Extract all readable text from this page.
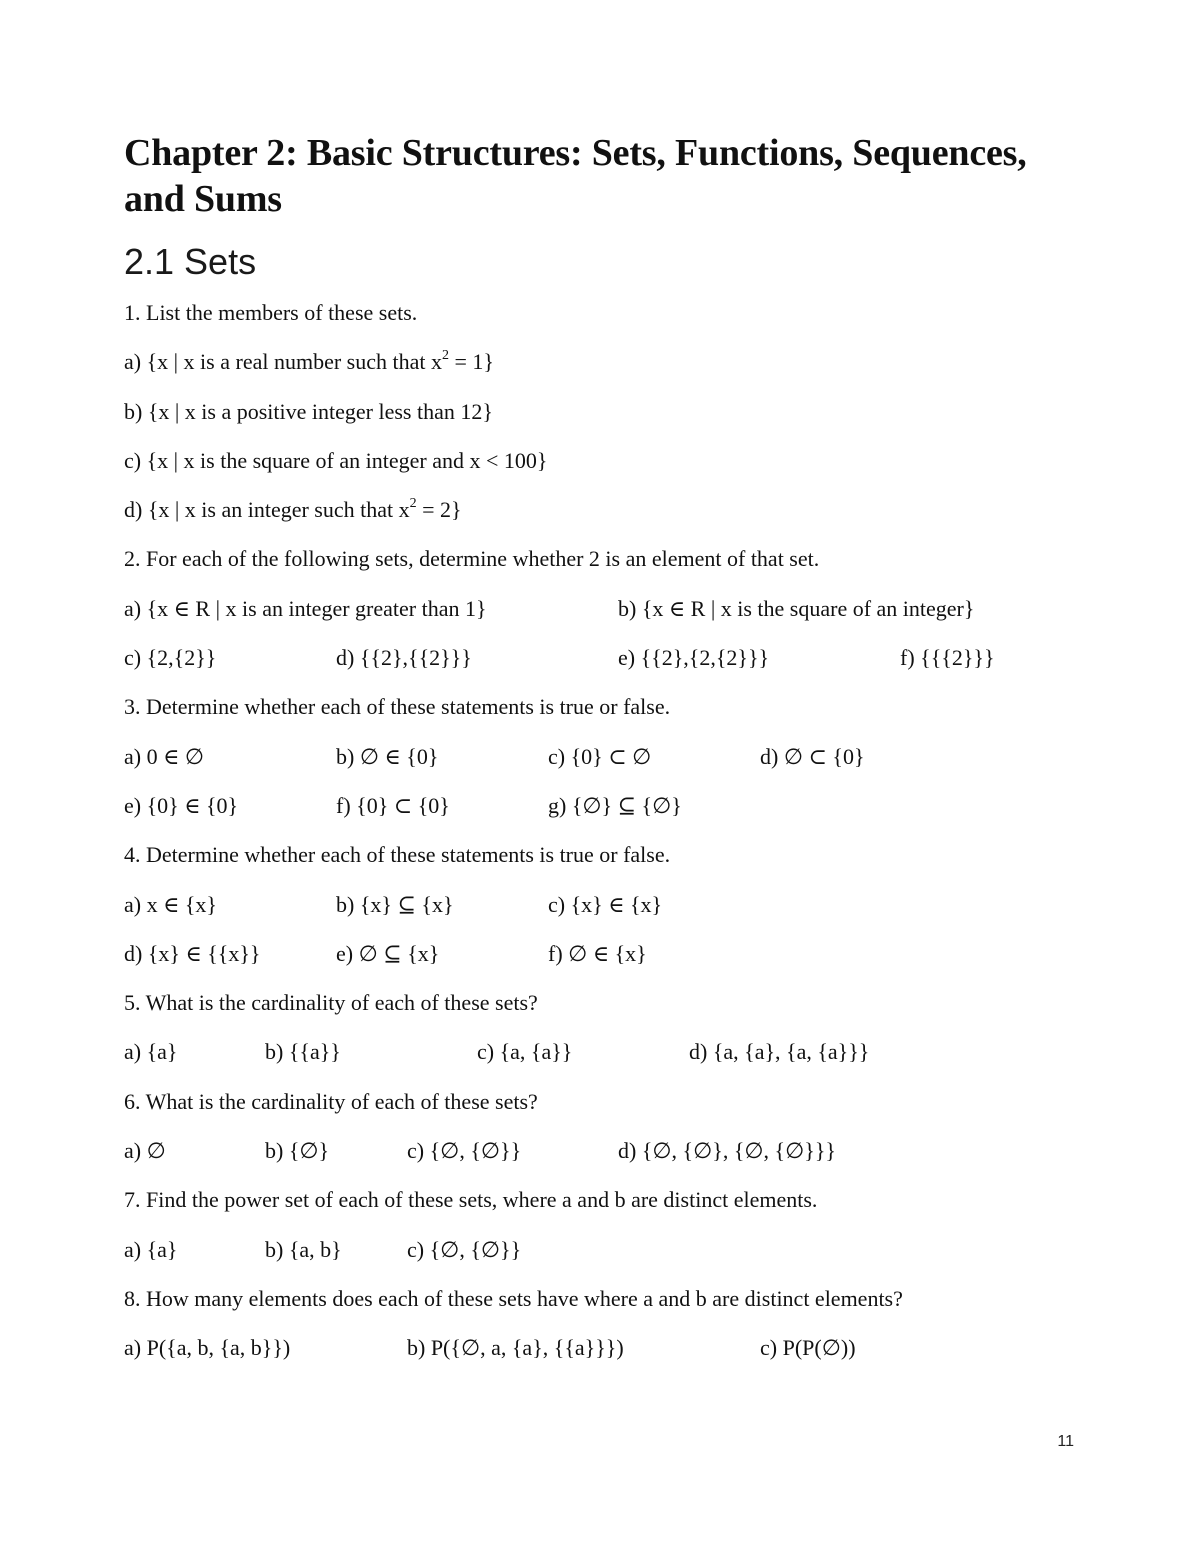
Chapter 2: Basic Structures: Sets, Functions, Sequences,
and Sums
2.1 Sets
1. List the members of these sets.
a) {x | x is a real number such that $x^2 = 1$}
b) {x | x is a positive integer less than 12}
c) {x | x is the square of an integer and x < 100}
d) {x | x is an integer such that $x^2 = 2$}
2. For each of the following sets, determine whether 2 is an element of that set.
a) {x ∈ R | x is an integer greater than 1}	b) {x ∈ R | x is the square of an integer}
c) {2,{2}}	d) {{2},{{2}}}	e) {{2},{2,{2}}}	f) {{{2}}}
3. Determine whether each of these statements is true or false.
a) 0 ∈ ∅	b) ∅ ∈ {0}	c) {0} ⊂ ∅	d) ∅ ⊂ {0}
e) {0} ∈ {0}	f) {0} ⊂ {0}	g) {∅} ⊆ {∅}
4. Determine whether each of these statements is true or false.
a) x ∈ {x}	b) {x} ⊆ {x}	c) {x} ∈ {x}
d) {x} ∈ {{x}}	e) ∅ ⊆ {x}	f) ∅ ∈ {x}
5. What is the cardinality of each of these sets?
a) {a}	b) {{a}}	c) {a, {a}}	d) {a, {a}, {a, {a}}}
6. What is the cardinality of each of these sets?
a) ∅	b) {∅}	c) {∅, {∅}}	d) {∅, {∅}, {∅, {∅}}}
7. Find the power set of each of these sets, where a and b are distinct elements.
a) {a}	b) {a, b}	c) {∅, {∅}}
8. How many elements does each of these sets have where a and b are distinct elements?
a) P({a, b, {a, b}})	b) P({∅, a, {a}, {{a}}})	c) P(P(∅))
11
